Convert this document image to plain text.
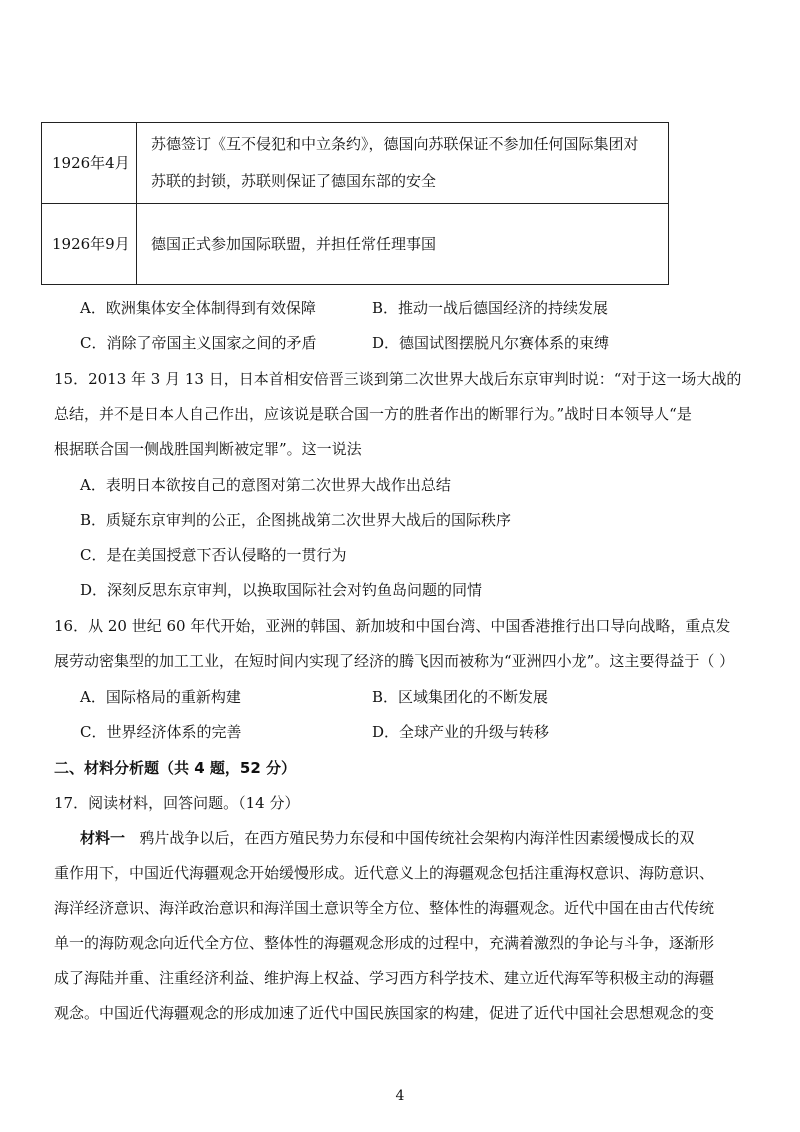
1926年4月	苏德签订《互不侵犯和中立条约》，德国向苏联保证不参加任何国际集团对
苏联的封锁，苏联则保证了德国东部的安全

1926年9月	德国正式参加国际联盟，并担任常任理事国
A．欧洲集体安全体制得到有效保障	B．推动一战后德国经济的持续发展
C．消除了帝国主义国家之间的矛盾	D．德国试图摆脱凡尔赛体系的束缚
15．2013 年 3 月 13 日，日本首相安倍晋三谈到第二次世界大战后东京审判时说：“对于这一场大战的
总结，并不是日本人自己作出，应该说是联合国一方的胜者作出的断罪行为。”战时日本领导人“是
根据联合国一侧战胜国判断被定罪”。这一说法
A．表明日本欲按自己的意图对第二次世界大战作出总结
B．质疑东京审判的公正，企图挑战第二次世界大战后的国际秩序
C．是在美国授意下否认侵略的一贯行为
D．深刻反思东京审判，以换取国际社会对钓鱼岛问题的同情
16．从 20 世纪 60 年代开始，亚洲的韩国、新加坡和中国台湾、中国香港推行出口导向战略，重点发
展劳动密集型的加工工业，在短时间内实现了经济的腾飞因而被称为“亚洲四小龙”。这主要得益于（ ）
A．国际格局的重新构建	B．区域集团化的不断发展
C．世界经济体系的完善	D．全球产业的升级与转移
二、材料分析题（共 4 题，52 分）
17．阅读材料，回答问题。（14 分）
材料一 鸦片战争以后，在西方殖民势力东侵和中国传统社会架构内海洋性因素缓慢成长的双
重作用下，中国近代海疆观念开始缓慢形成。近代意义上的海疆观念包括注重海权意识、海防意识、
海洋经济意识、海洋政治意识和海洋国土意识等全方位、整体性的海疆观念。近代中国在由古代传统
单一的海防观念向近代全方位、整体性的海疆观念形成的过程中，充满着激烈的争论与斗争，逐渐形
成了海陆并重、注重经济利益、维护海上权益、学习西方科学技术、建立近代海军等积极主动的海疆
观念。中国近代海疆观念的形成加速了近代中国民族国家的构建，促进了近代中国社会思想观念的变
4
